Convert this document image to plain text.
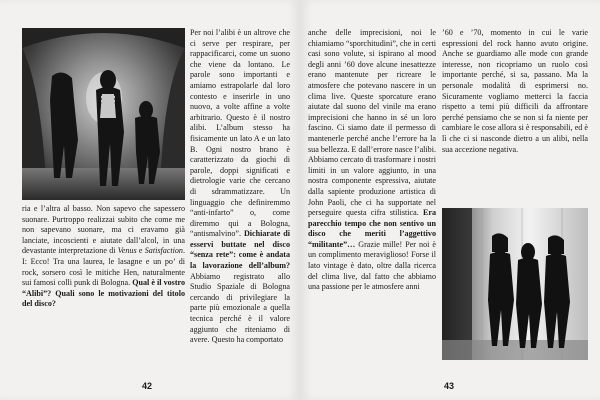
ria e l’altra al basso. Non sapevo che sapessero suonare. Purtroppo realizzai subito che come me non sapevano suonare, ma ci eravamo già lanciate, incoscienti e aiutate dall’alcol, in una devastante interpretazione di Venus e Satisfaction. I: Ecco! Tra una laurea, le lasagne e un po’ di rock, sorsero così le mitiche Hen, naturalmente sui famosi colli punk di Bologna. Qual è il vostro “Alibi”? Quali sono le motivazioni del titolo del disco?

Per noi l’alibi è un altrove che ci serve per respirare, per rappacificarci, come un suono che viene da lontano. Le parole sono importanti e amiamo estrapolarle dal loro contesto e inserirle in uno nuovo, a volte affine a volte arbitrario. Questo è il nostro alibi. L’album stesso ha fisicamente un lato A e un lato B. Ogni nostro brano è caratterizzato da giochi di parole, doppi significati e dietrologie varie che cercano di sdrammatizzare. Un linguaggio che definiremmo “anti-infarto” o, come diremmo qui a Bologna, “antismalvino”. Dichiarate di esservi buttate nel disco “senza rete”: come è andata la lavorazione dell’album? Abbiamo registrato allo Studio Spaziale di Bologna cercando di privilegiare la parte più emozionale a quella tecnica perché è il valore aggiunto che riteniamo di avere. Questo ha comportato

42

anche delle imprecisioni, noi le chiamiamo “sporchitudini”, che in certi casi sono volute, si ispirano al mood degli anni ’60 dove alcune inesattezze erano mantenute per ricreare le atmosfere che potevano nascere in un clima live. Queste sporcature erano aiutate dal suono del vinile ma erano imprecisioni che hanno in sé un loro fascino. Ci siamo date il permesso di mantenerle perché anche l’errore ha la sua bellezza. E dall’errore nasce l’alibi. Abbiamo cercato di trasformare i nostri limiti in un valore aggiunto, in una nostra componente espressiva, aiutate dalla sapiente produzione artistica di John Paoli, che ci ha supportate nel perseguire questa cifra stilistica. Era parecchio tempo che non sentivo un disco che meriti l’aggettivo “militante”… Grazie mille! Per noi è un complimento meraviglioso! Forse il lato vintage è dato, oltre dalla ricerca del clima live, dal fatto che abbiamo una passione per le atmosfere anni

’60 e ’70, momento in cui le varie espressioni del rock hanno avuto origine. Anche se guardiamo alle mode con grande interesse, non ricopriamo un ruolo così importante perché, si sa, passano. Ma la personale modalità di esprimersi no. Sicuramente vogliamo metterci la faccia rispetto a temi più difficili da affrontare perché pensiamo che se non si fa niente per cambiare le cose allora si è responsabili, ed è lì che ci si nasconde dietro a un alibi, nella sua accezione negativa.

43
